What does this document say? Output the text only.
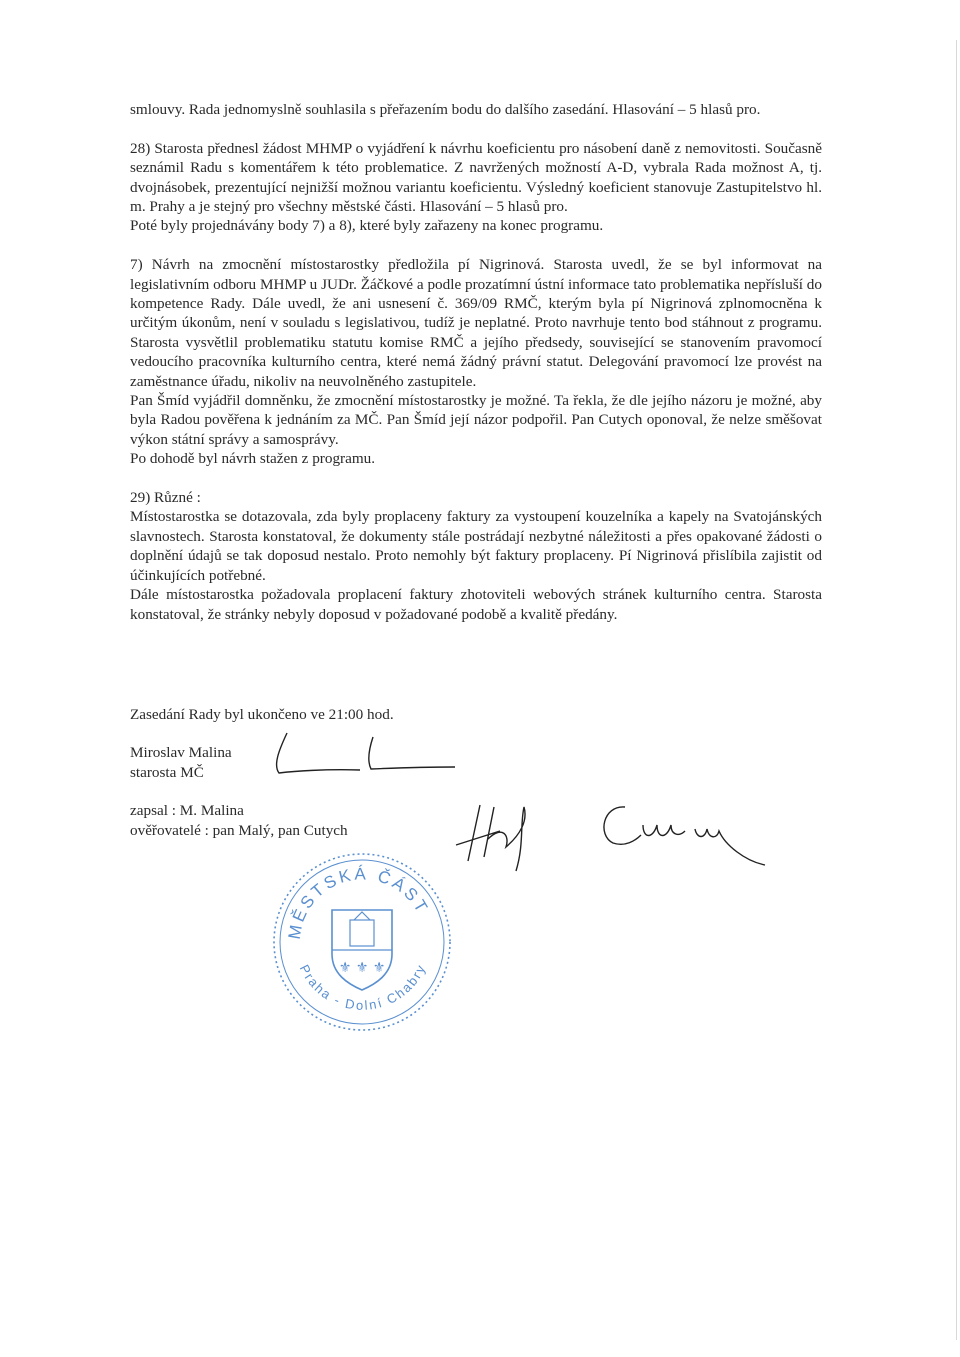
smlouvy. Rada jednomyslně souhlasila s přeřazením bodu do dalšího zasedání. Hlasování – 5 hlasů pro.

28) Starosta přednesl žádost MHMP o vyjádření k návrhu koeficientu pro násobení daně z nemovitosti. Současně seznámil Radu s komentářem k této problematice. Z navržených možností A-D, vybrala Rada možnost A, tj. dvojnásobek, prezentující nejnižší možnou variantu koeficientu. Výsledný koeficient stanovuje Zastupitelstvo hl. m. Prahy a je stejný pro všechny městské části. Hlasování – 5 hlasů pro.

Poté byly projednávány body 7) a 8), které byly zařazeny na konec programu.

7) Návrh na zmocnění místostarostky předložila pí Nigrinová. Starosta uvedl, že se byl informovat na legislativním odboru MHMP u JUDr. Žáčkové a podle prozatímní ústní informace tato problematika nepřísluší do kompetence Rady. Dále uvedl, že ani usnesení č. 369/09 RMČ, kterým byla pí Nigrinová zplnomocněna k určitým úkonům, není v souladu s legislativou, tudíž je neplatné. Proto navrhuje tento bod stáhnout z programu. Starosta vysvětlil problematiku statutu komise RMČ a jejího předsedy, související se stanovením pravomocí vedoucího pracovníka kulturního centra, které nemá žádný právní statut. Delegování pravomocí lze provést na zaměstnance úřadu, nikoliv na neuvolněného zastupitele.

Pan Šmíd vyjádřil domněnku, že zmocnění místostarostky je možné. Ta řekla, že dle jejího názoru je možné, aby byla Radou pověřena k jednáním za MČ. Pan Šmíd její názor podpořil. Pan Cutych oponoval, že nelze směšovat výkon státní správy a samosprávy.

Po dohodě byl návrh stažen z programu.

29) Různé :

Místostarostka se dotazovala, zda byly proplaceny faktury za vystoupení kouzelníka a kapely na Svatojánských slavnostech. Starosta konstatoval, že dokumenty stále postrádají nezbytné náležitosti a přes opakované žádosti o doplnění údajů se tak doposud nestalo. Proto nemohly být faktury proplaceny. Pí Nigrinová přislíbila zajistit od účinkujících potřebné.

Dále místostarostka požadovala proplacení faktury zhotoviteli webových stránek kulturního centra. Starosta konstatoval, že stránky nebyly doposud v požadované podobě a kvalitě předány.

Zasedání Rady byl ukončeno ve 21:00 hod.
Miroslav Malina
starosta MČ
zapsal : M. Malina
ověřovatelé : pan Malý, pan Cutych
MĚSTSKÁ ČÁST
Praha - Dolní Chabry
⚜ ⚜ ⚜
